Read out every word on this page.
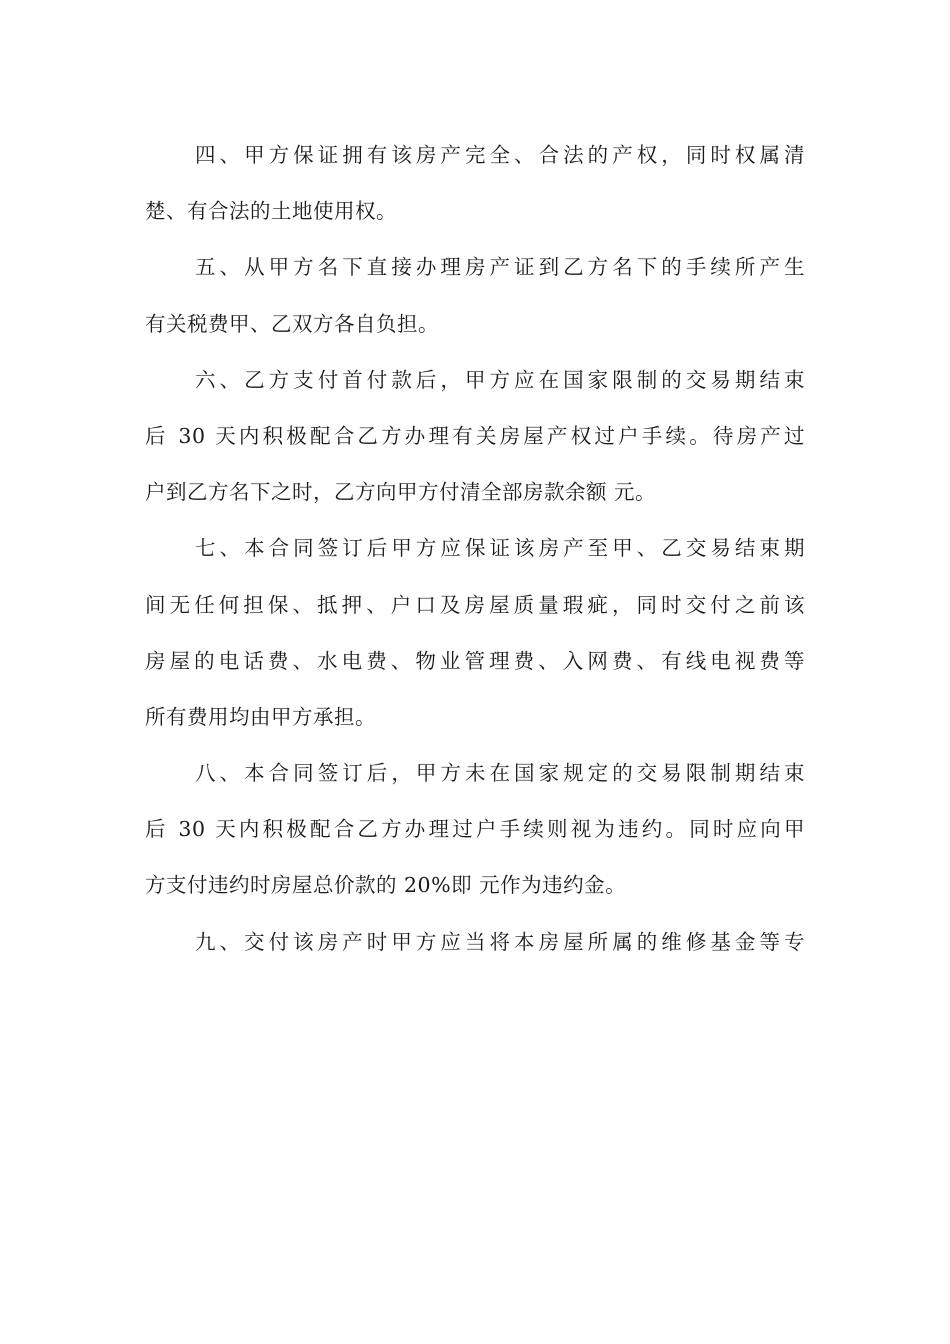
四、甲方保证拥有该房产完全、合法的产权，同时权属清
楚、有合法的土地使用权。
五、从甲方名下直接办理房产证到乙方名下的手续所产生
有关税费甲、乙双方各自负担。
六、乙方支付首付款后，甲方应在国家限制的交易期结束
后 30 天内积极配合乙方办理有关房屋产权过户手续。待房产过
户到乙方名下之时，乙方向甲方付清全部房款余额 元。
七、本合同签订后甲方应保证该房产至甲、乙交易结束期
间无任何担保、抵押、户口及房屋质量瑕疵，同时交付之前该
房屋的电话费、水电费、物业管理费、入网费、有线电视费等
所有费用均由甲方承担。
八、本合同签订后，甲方未在国家规定的交易限制期结束
后 30 天内积极配合乙方办理过户手续则视为违约。同时应向甲
方支付违约时房屋总价款的 20%即 元作为违约金。
九、交付该房产时甲方应当将本房屋所属的维修基金等专
